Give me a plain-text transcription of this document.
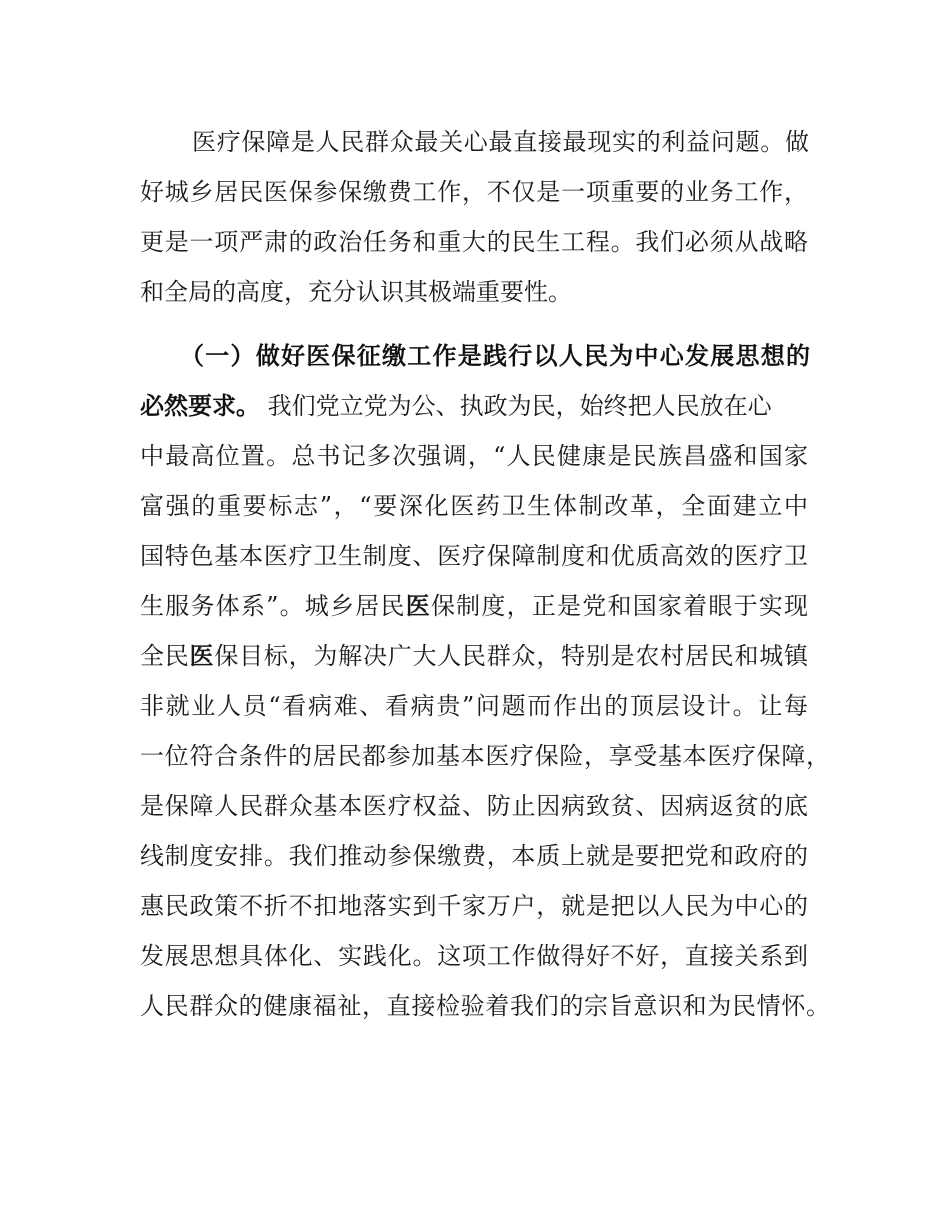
医疗保障是人民群众最关心最直接最现实的利益问题。做
好城乡居民医保参保缴费工作，不仅是一项重要的业务工作，
更是一项严肃的政治任务和重大的民生工程。我们必须从战略
和全局的高度，充分认识其极端重要性。
（一）做好医保征缴工作是践行以人民为中心发展思想的
必然要求。 我们党立党为公、执政为民，始终把人民放在心
中最高位置。总书记多次强调，“人民健康是民族昌盛和国家
富强的重要标志”，“要深化医药卫生体制改革，全面建立中
国特色基本医疗卫生制度、医疗保障制度和优质高效的医疗卫
生服务体系”。城乡居民医保制度，正是党和国家着眼于实现
全民医保目标，为解决广大人民群众，特别是农村居民和城镇
非就业人员“看病难、看病贵”问题而作出的顶层设计。让每
一位符合条件的居民都参加基本医疗保险，享受基本医疗保障，
是保障人民群众基本医疗权益、防止因病致贫、因病返贫的底
线制度安排。我们推动参保缴费，本质上就是要把党和政府的
惠民政策不折不扣地落实到千家万户，就是把以人民为中心的
发展思想具体化、实践化。这项工作做得好不好，直接关系到
人民群众的健康福祉，直接检验着我们的宗旨意识和为民情怀。
